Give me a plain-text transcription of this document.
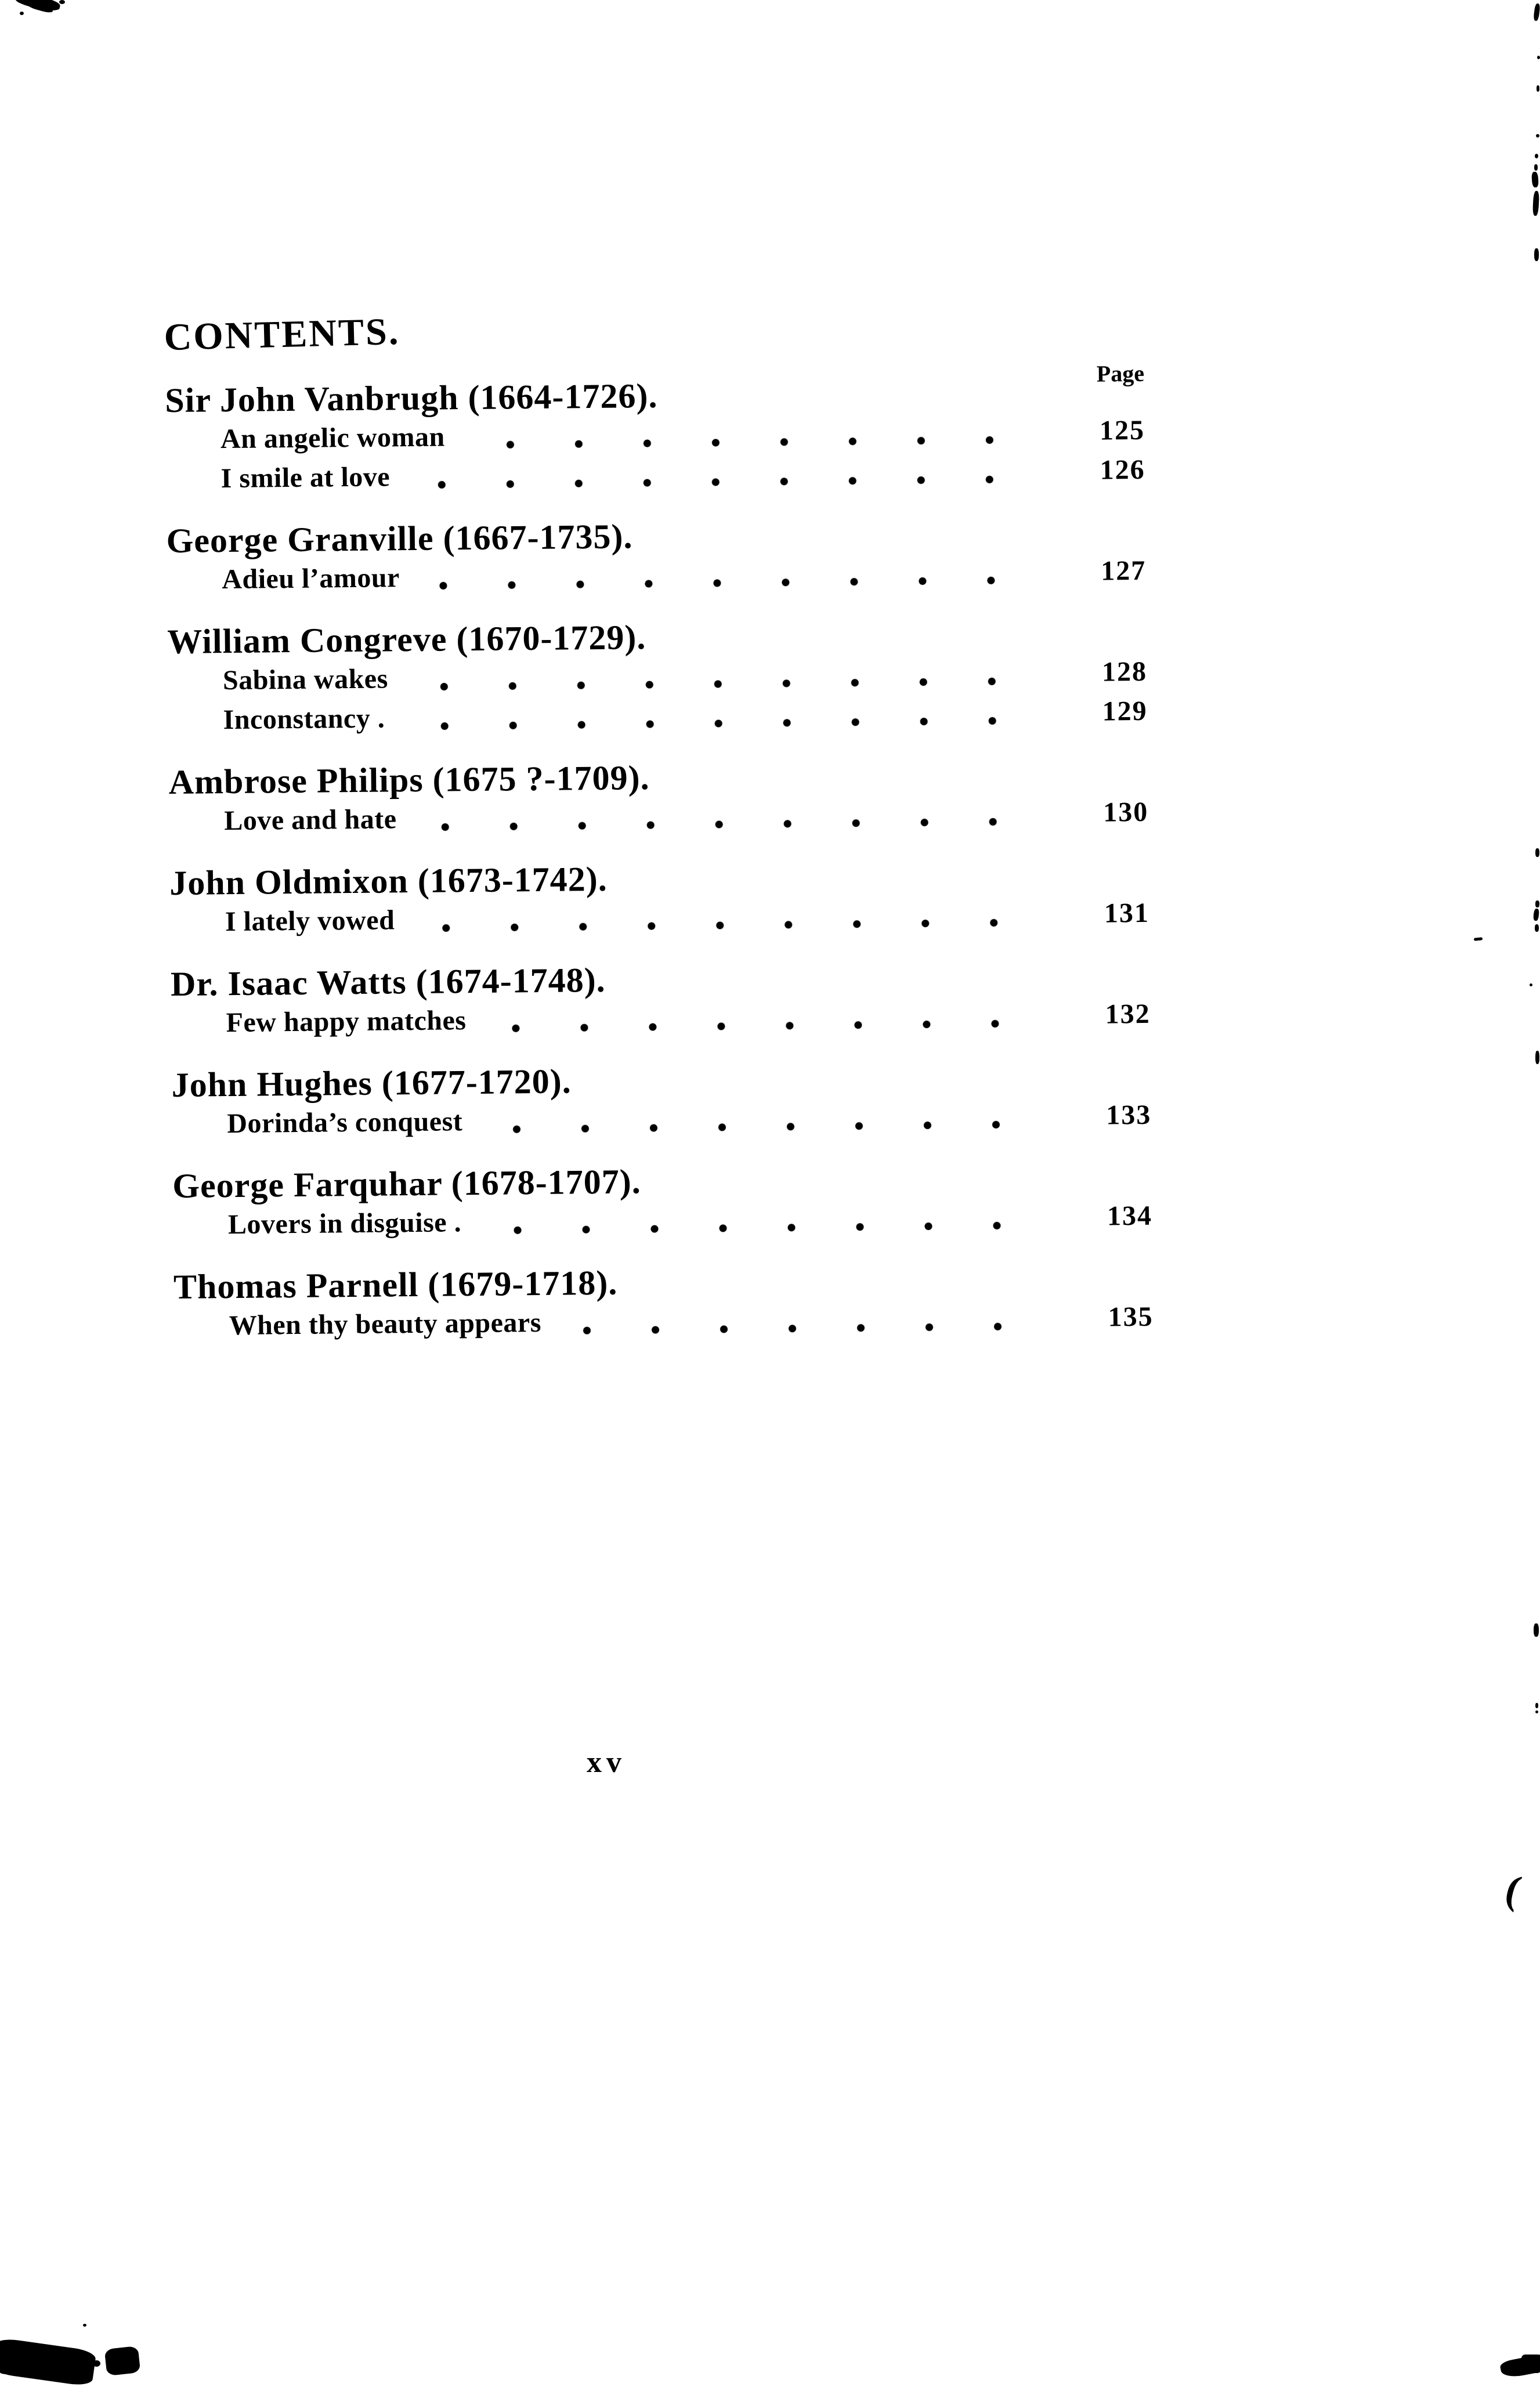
CONTENTS.
Page
Sir John Vanbrugh (1664-1726).
An angelic woman	125
I smile at love	126
George Granville (1667-1735).
Adieu l’amour	127
William Congreve (1670-1729).
Sabina wakes	128
Inconstancy .	129
Ambrose Philips (1675 ?-1709).
Love and hate	130
John Oldmixon (1673-1742).
I lately vowed	131
Dr. Isaac Watts (1674-1748).
Few happy matches	132
John Hughes (1677-1720).
Dorinda’s conquest	133
George Farquhar (1678-1707).
Lovers in disguise .	134
Thomas Parnell (1679-1718).
When thy beauty appears	135
xv
(
